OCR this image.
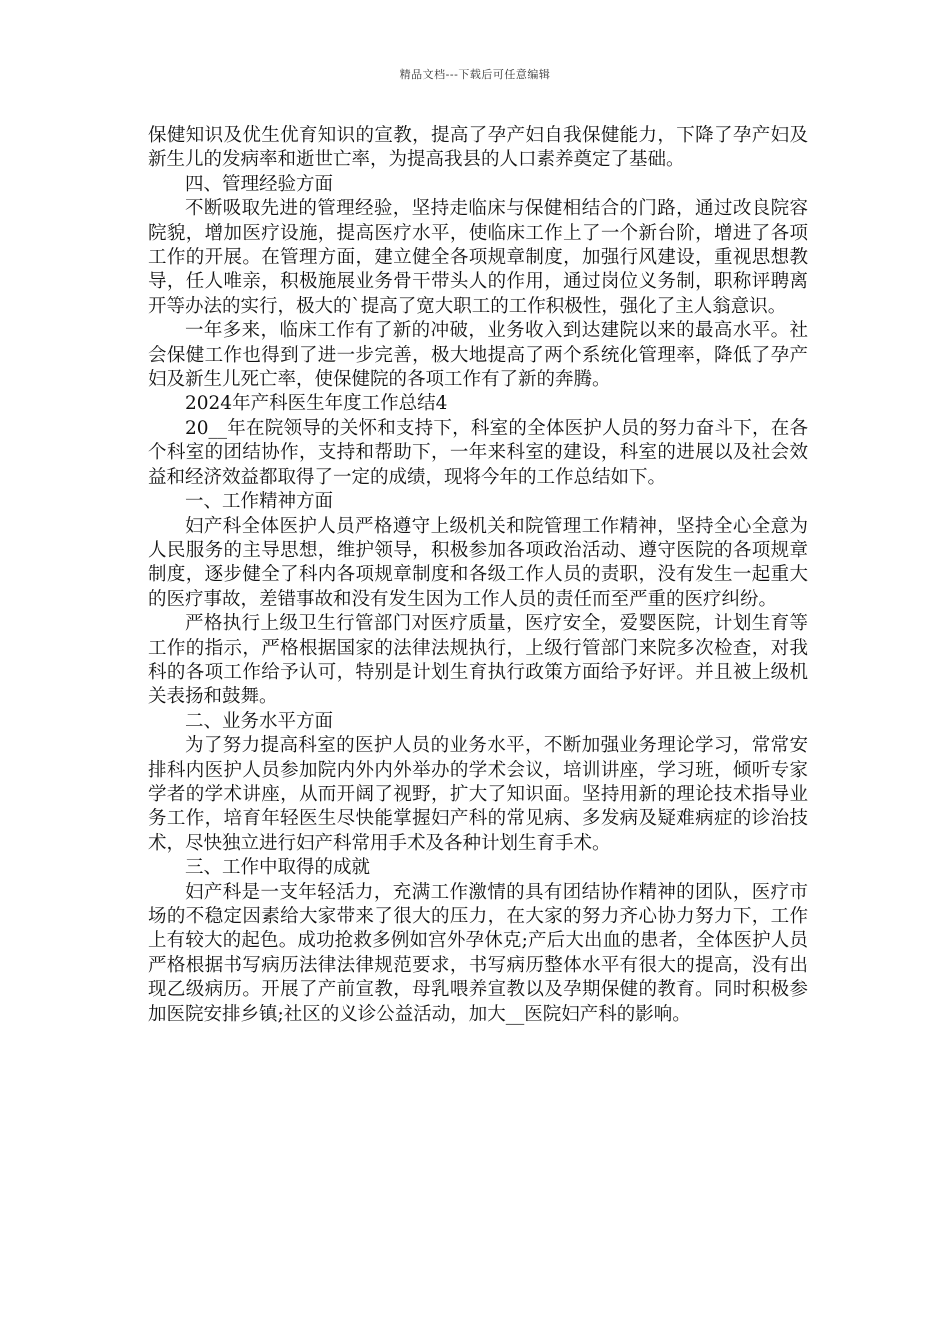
精品文档---下载后可任意编辑

保健知识及优生优育知识的宣教，提高了孕产妇自我保健能力，下降了孕产妇及新生儿的发病率和逝世亡率，为提高我县的人口素养奠定了基础。

四、管理经验方面

不断吸取先进的管理经验，坚持走临床与保健相结合的门路，通过改良院容院貌，增加医疗设施，提高医疗水平，使临床工作上了一个新台阶，增进了各项工作的开展。在管理方面，建立健全各项规章制度，加强行风建设，重视思想教导，任人唯亲，积极施展业务骨干带头人的作用，通过岗位义务制，职称评聘离开等办法的实行，极大的`提高了宽大职工的工作积极性，强化了主人翁意识。

一年多来，临床工作有了新的冲破，业务收入到达建院以来的最高水平。社会保健工作也得到了进一步完善，极大地提高了两个系统化管理率，降低了孕产妇及新生儿死亡率，使保健院的各项工作有了新的奔腾。

2024年产科医生年度工作总结4

20__年在院领导的关怀和支持下，科室的全体医护人员的努力奋斗下，在各个科室的团结协作，支持和帮助下，一年来科室的建设，科室的进展以及社会效益和经济效益都取得了一定的成绩，现将今年的工作总结如下。

一、工作精神方面

妇产科全体医护人员严格遵守上级机关和院管理工作精神，坚持全心全意为人民服务的主导思想，维护领导，积极参加各项政治活动、遵守医院的各项规章制度，逐步健全了科内各项规章制度和各级工作人员的责职，没有发生一起重大的医疗事故，差错事故和没有发生因为工作人员的责任而至严重的医疗纠纷。

严格执行上级卫生行管部门对医疗质量，医疗安全，爱婴医院，计划生育等工作的指示，严格根据国家的法律法规执行，上级行管部门来院多次检查，对我科的各项工作给予认可，特别是计划生育执行政策方面给予好评。并且被上级机关表扬和鼓舞。

二、业务水平方面

为了努力提高科室的医护人员的业务水平，不断加强业务理论学习，常常安排科内医护人员参加院内外内外举办的学术会议，培训讲座，学习班，倾听专家学者的学术讲座，从而开阔了视野，扩大了知识面。坚持用新的理论技术指导业务工作，培育年轻医生尽快能掌握妇产科的常见病、多发病及疑难病症的诊治技术，尽快独立进行妇产科常用手术及各种计划生育手术。

三、工作中取得的成就

妇产科是一支年轻活力，充满工作激情的具有团结协作精神的团队，医疗市场的不稳定因素给大家带来了很大的压力，在大家的努力齐心协力努力下，工作上有较大的起色。成功抢救多例如宫外孕休克;产后大出血的患者，全体医护人员严格根据书写病历法律法律规范要求，书写病历整体水平有很大的提高，没有出现乙级病历。开展了产前宣教，母乳喂养宣教以及孕期保健的教育。同时积极参加医院安排乡镇;社区的义诊公益活动，加大__医院妇产科的影响。
